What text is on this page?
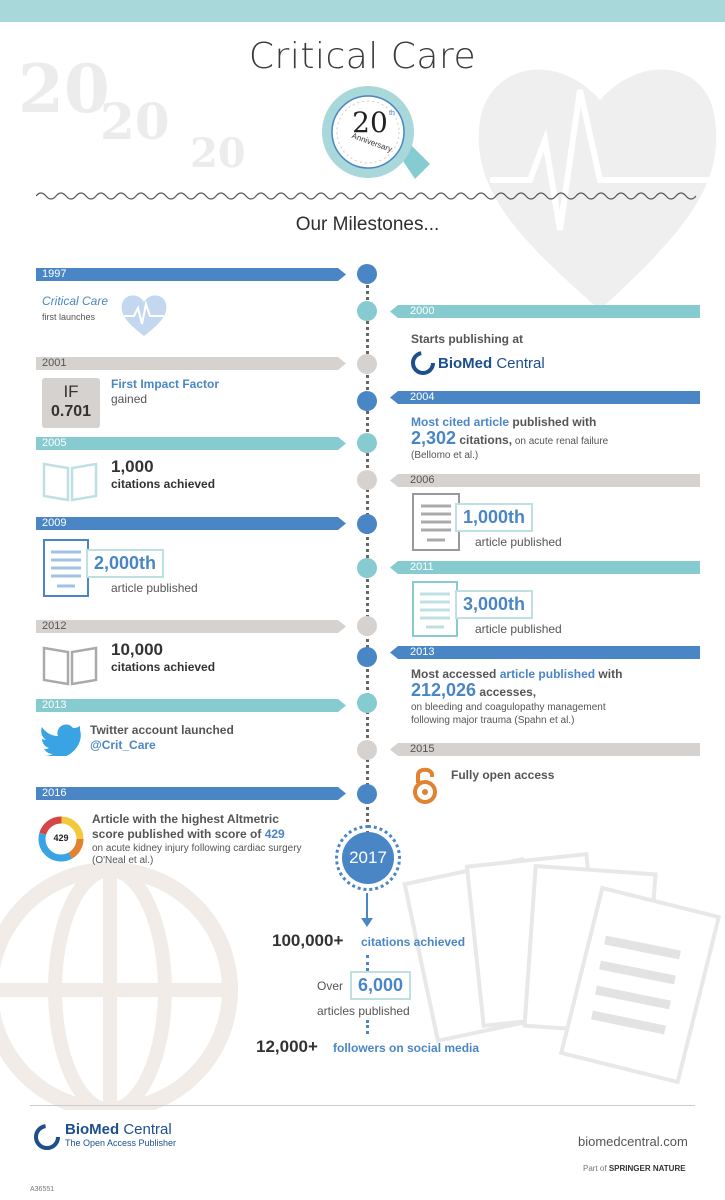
20
20
20
Critical Care
20 th
Anniversary
Our Milestones...
1997
Critical Care
first launches	2000
Starts publishing at
BioMed Central
2001
IF
0.701
First Impact Factor
gained	2004
Most cited article published with
2,302 citations, on acute renal failure
(Bellomo et al.)
2005
1,000
citations achieved	2006
1,000th
article published
2009
2,000th
article published
2011
3,000th
article published
2012
10,000
citations achieved
2013
Most accessed article published with
212,026 accesses,
on bleeding and coagulopathy management
following major trauma (Spahn et al.)
2013
Twitter account launched
@Crit_Care	2015
Fully open access
2016
429
Article with the highest Altmetric
score published with score of 429
on acute kidney injury following cardiac surgery
(O'Neal et al.)	2017
100,000+ citations achieved
Over 6,000
articles published
12,000+ followers on social media
BioMed Central
The Open Access Publisher	biomedcentral.com
Part of SPRINGER NATURE
A36551
